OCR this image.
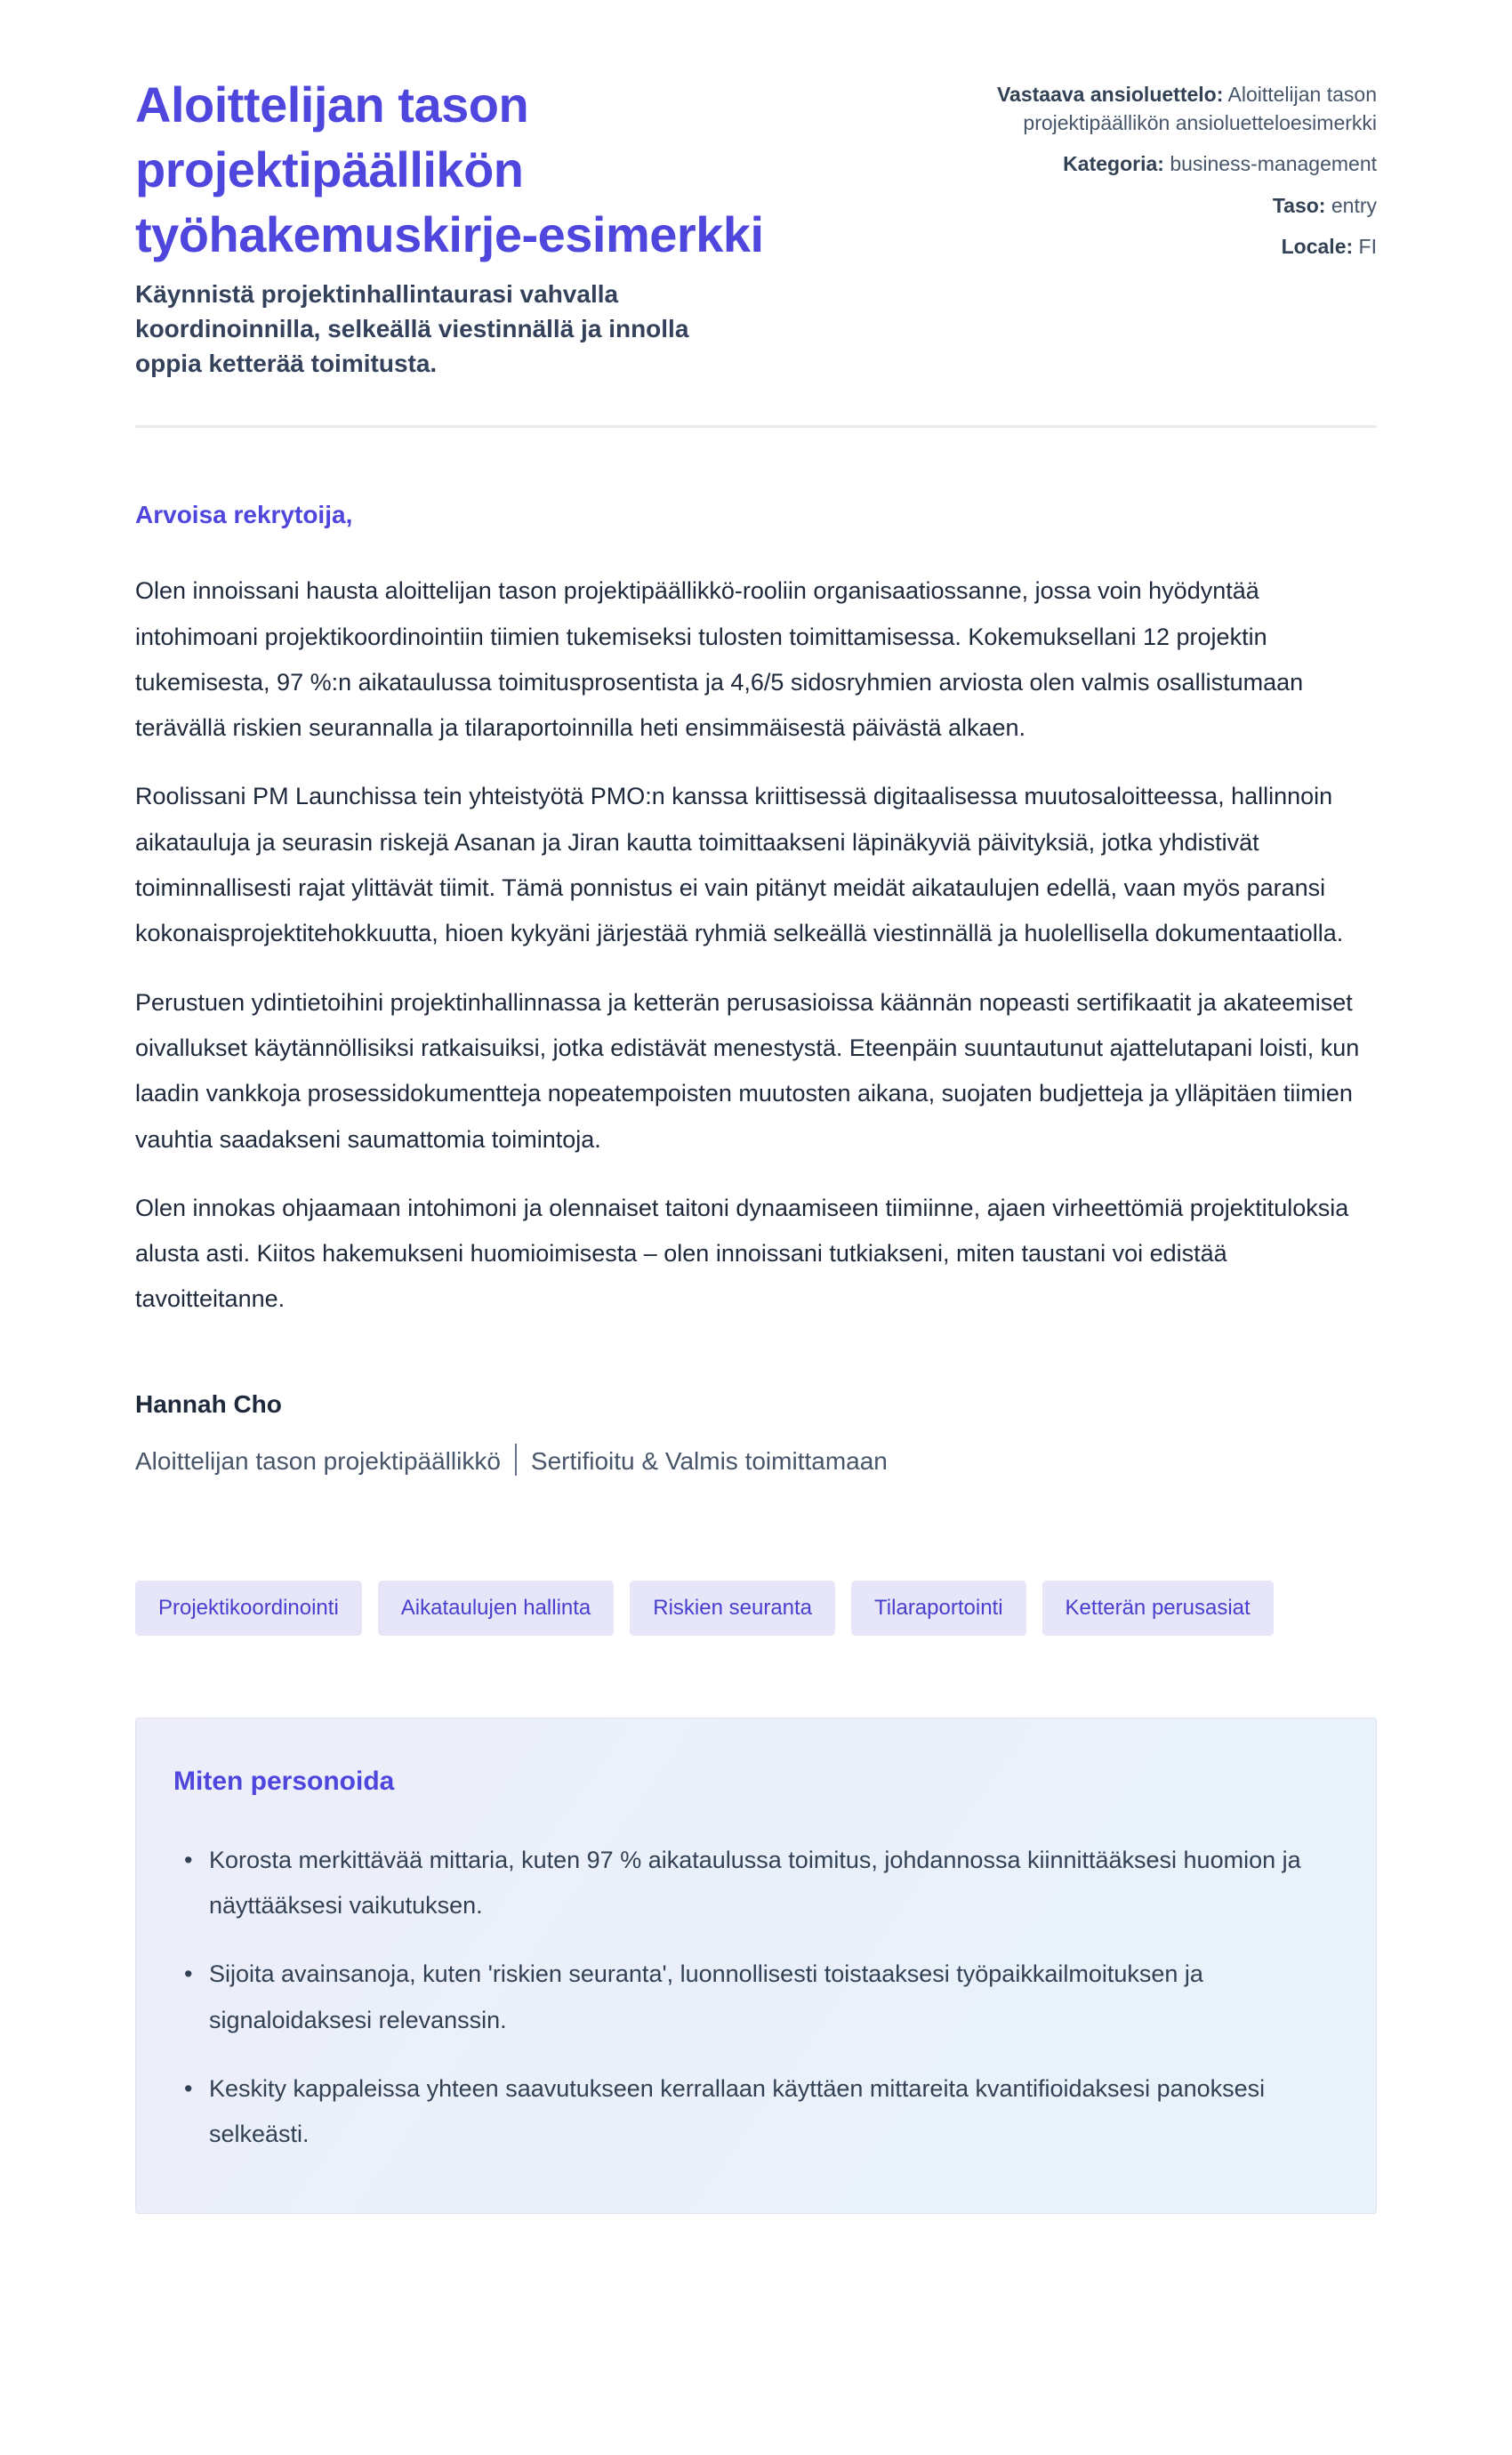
Aloittelijan tason projektipäällikön työhakemuskirje-esimerkki

Käynnistä projektinhallintaurasi vahvalla koordinoinnilla, selkeällä viestinnällä ja innolla oppia ketterää toimitusta.

Vastaava ansioluettelo: Aloittelijan tason projektipäällikön ansioluetteloesimerkki
Kategoria: business-management
Taso: entry
Locale: FI

Arvoisa rekrytoija,

Olen innoissani hausta aloittelijan tason projektipäällikkö-rooliin organisaatiossanne, jossa voin hyödyntää intohimoani projektikoordinointiin tiimien tukemiseksi tulosten toimittamisessa. Kokemuksellani 12 projektin tukemisesta, 97 %:n aikataulussa toimitusprosentista ja 4,6/5 sidosryhmien arviosta olen valmis osallistumaan terävällä riskien seurannalla ja tilaraportoinnilla heti ensimmäisestä päivästä alkaen.

Roolissani PM Launchissa tein yhteistyötä PMO:n kanssa kriittisessä digitaalisessa muutosaloitteessa, hallinnoin aikatauluja ja seurasin riskejä Asanan ja Jiran kautta toimittaakseni läpinäkyviä päivityksiä, jotka yhdistivät toiminnallisesti rajat ylittävät tiimit. Tämä ponnistus ei vain pitänyt meidät aikataulujen edellä, vaan myös paransi kokonaisprojektitehokkuutta, hioen kykyäni järjestää ryhmiä selkeällä viestinnällä ja huolellisella dokumentaatiolla.

Perustuen ydintietoihini projektinhallinnassa ja ketterän perusasioissa käännän nopeasti sertifikaatit ja akateemiset oivallukset käytännöllisiksi ratkaisuiksi, jotka edistävät menestystä. Eteenpäin suuntautunut ajattelutapani loisti, kun laadin vankkoja prosessidokumentteja nopeatempoisten muutosten aikana, suojaten budjetteja ja ylläpitäen tiimien vauhtia saadakseni saumattomia toimintoja.

Olen innokas ohjaamaan intohimoni ja olennaiset taitoni dynaamiseen tiimiinne, ajaen virheettömiä projektituloksia alusta asti. Kiitos hakemukseni huomioimisesta – olen innoissani tutkiakseni, miten taustani voi edistää tavoitteitanne.

Hannah Cho

Aloittelijan tason projektipäällikkö Sertifioitu & Valmis toimittamaan

Projektikoordinointi	Aikataulujen hallinta	Riskien seuranta	Tilaraportointi	Ketterän perusasiat
Miten personoida
• Korosta merkittävää mittaria, kuten 97 % aikataulussa toimitus, johdannossa kiinnittääksesi huomion ja näyttääksesi vaikutuksen.
• Sijoita avainsanoja, kuten 'riskien seuranta', luonnollisesti toistaaksesi työpaikkailmoituksen ja signaloidaksesi relevanssin.
• Keskity kappaleissa yhteen saavutukseen kerrallaan käyttäen mittareita kvantifioidaksesi panoksesi selkeästi.
